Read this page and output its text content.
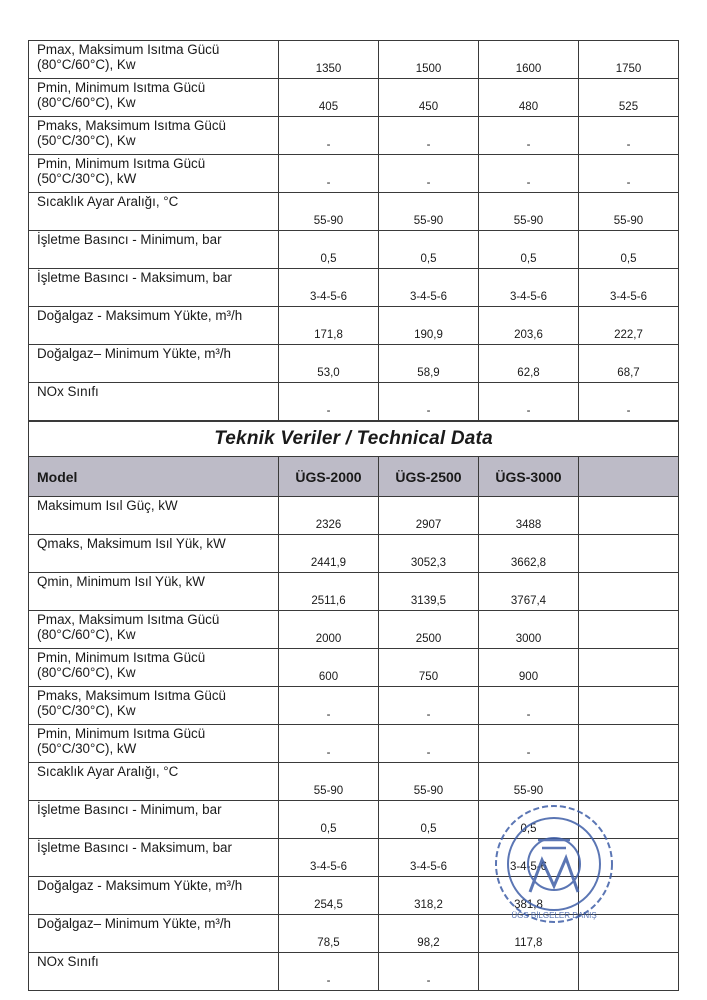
Pmax, Maksimum Isıtma Gücü (80°C/60°C), Kw	1350	1500	1600	1750
Pmin, Minimum Isıtma Gücü (80°C/60°C), Kw	405	450	480	525
Pmaks, Maksimum Isıtma Gücü (50°C/30°C), Kw	-	-	-	-
Pmin, Minimum Isıtma Gücü (50°C/30°C), kW	-	-	-	-
Sıcaklık Ayar Aralığı, °C	55-90	55-90	55-90	55-90
İşletme Basıncı - Minimum, bar	0,5	0,5	0,5	0,5
İşletme Basıncı - Maksimum, bar	3-4-5-6	3-4-5-6	3-4-5-6	3-4-5-6
Doğalgaz - Maksimum Yükte, m³/h	171,8	190,9	203,6	222,7
Doğalgaz– Minimum Yükte, m³/h	53,0	58,9	62,8	68,7
NOx Sınıfı	-	-	-	-
Teknik Veriler / Technical Data				
Model	ÜGS-2000	ÜGS-2500	ÜGS-3000	
Maksimum Isıl Güç, kW	2326	2907	3488	
Qmaks, Maksimum Isıl Yük, kW	2441,9	3052,3	3662,8	
Qmin, Minimum Isıl Yük, kW	2511,6	3139,5	3767,4	
Pmax, Maksimum Isıtma Gücü (80°C/60°C), Kw	2000	2500	3000	
Pmin, Minimum Isıtma Gücü (80°C/60°C), Kw	600	750	900	
Pmaks, Maksimum Isıtma Gücü (50°C/30°C), Kw	-	-	-	
Pmin, Minimum Isıtma Gücü (50°C/30°C), kW	-	-	-	
Sıcaklık Ayar Aralığı, °C	55-90	55-90	55-90	
İşletme Basıncı - Minimum, bar	0,5	0,5	0,5	
İşletme Basıncı - Maksimum, bar	3-4-5-6	3-4-5-6	3-4-5-6	
Doğalgaz - Maksimum Yükte, m³/h	254,5	318,2	381,8	
Doğalgaz– Minimum Yükte, m³/h	78,5	98,2	117,8	
NOx Sınıfı	-	-		
ÜGS BİLGELER DANIŞ
